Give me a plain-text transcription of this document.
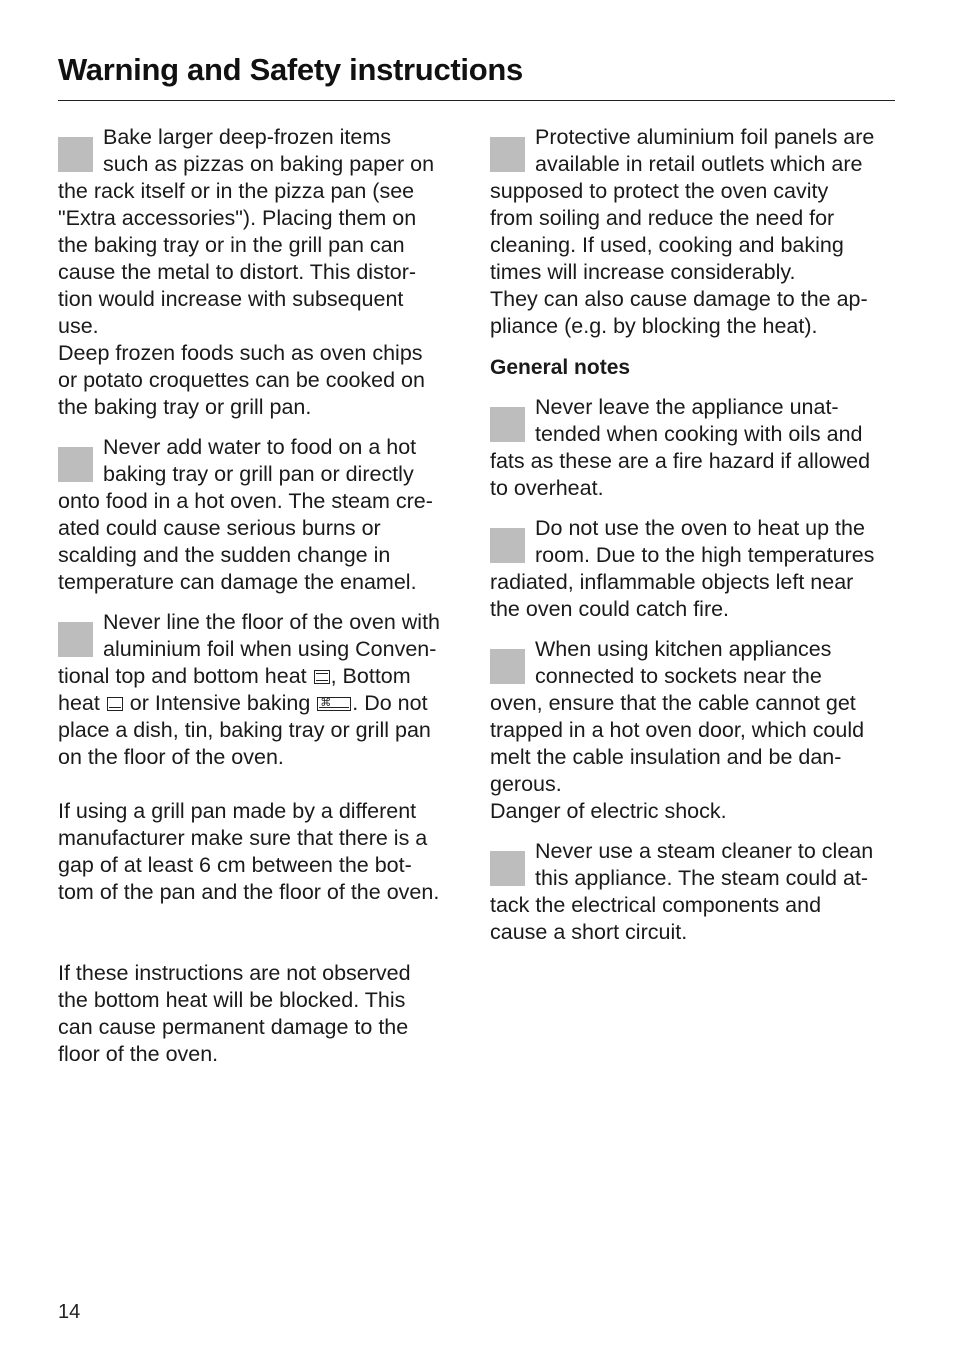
Warning and Safety instructions
Bake larger deep-frozen items
such as pizzas on baking paper on
the rack itself or in the pizza pan (see
"Extra accessories"). Placing them on
the baking tray or in the grill pan can
cause the metal to distort. This distor-
tion would increase with subsequent
use.
Deep frozen foods such as oven chips
or potato croquettes can be cooked on
the baking tray or grill pan.
Never add water to food on a hot
baking tray or grill pan or directly
onto food in a hot oven. The steam cre-
ated could cause serious burns or
scalding and the sudden change in
temperature can damage the enamel.
Never line the floor of the oven with
aluminium foil when using Conven-
tional top and bottom heat , Bottom
heat  or Intensive baking ⌘ . Do not
place a dish, tin, baking tray or grill pan
on the floor of the oven.
If using a grill pan made by a different
manufacturer make sure that there is a
gap of at least 6 cm between the bot-
tom of the pan and the floor of the oven.
If these instructions are not observed
the bottom heat will be blocked. This
can cause permanent damage to the
floor of the oven.
Protective aluminium foil panels are
available in retail outlets which are
supposed to protect the oven cavity
from soiling and reduce the need for
cleaning. If used, cooking and baking
times will increase considerably.
They can also cause damage to the ap-
pliance (e.g. by blocking the heat).
General notes
Never leave the appliance unat-
tended when cooking with oils and
fats as these are a fire hazard if allowed
to overheat.
Do not use the oven to heat up the
room. Due to the high temperatures
radiated, inflammable objects left near
the oven could catch fire.
When using kitchen appliances
connected to sockets near the
oven, ensure that the cable cannot get
trapped in a hot oven door, which could
melt the cable insulation and be dan-
gerous.
Danger of electric shock.
Never use a steam cleaner to clean
this appliance. The steam could at-
tack the electrical components and
cause a short circuit.
14
